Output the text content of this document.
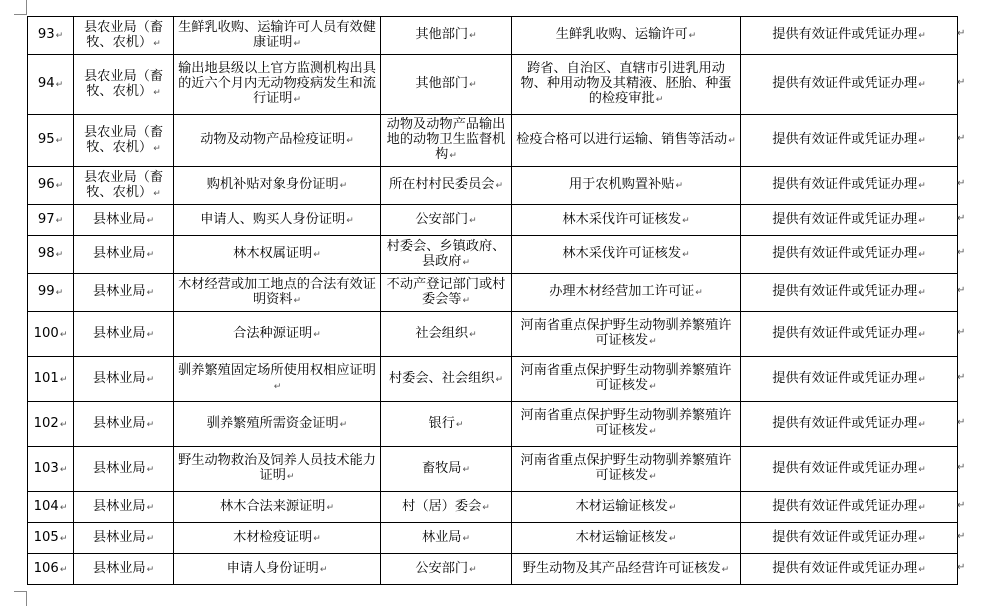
93↵	县农业局（畜牧、农机）↵	生鲜乳收购、运输许可人员有效健康证明↵	其他部门↵	生鲜乳收购、运输许可↵	提供有效证件或凭证办理↵
94↵	县农业局（畜牧、农机）↵	输出地县级以上官方监测机构出具的近六个月内无动物疫病发生和流行证明↵	其他部门↵	跨省、自治区、直辖市引进乳用动物、种用动物及其精液、胚胎、种蛋的检疫审批↵	提供有效证件或凭证办理↵
95↵	县农业局（畜牧、农机）↵	动物及动物产品检疫证明↵	动物及动物产品输出地的动物卫生监督机构↵	检疫合格可以进行运输、销售等活动↵	提供有效证件或凭证办理↵
96↵	县农业局（畜牧、农机）↵	购机补贴对象身份证明↵	所在村村民委员会↵	用于农机购置补贴↵	提供有效证件或凭证办理↵
97↵	县林业局↵	申请人、购买人身份证明↵	公安部门↵	林木采伐许可证核发↵	提供有效证件或凭证办理↵
98↵	县林业局↵	林木权属证明↵	村委会、乡镇政府、县政府↵	林木采伐许可证核发↵	提供有效证件或凭证办理↵
99↵	县林业局↵	木材经营或加工地点的合法有效证明资料↵	不动产登记部门或村委会等↵	办理木材经营加工许可证↵	提供有效证件或凭证办理↵
100↵	县林业局↵	合法种源证明↵	社会组织↵	河南省重点保护野生动物驯养繁殖许可证核发↵	提供有效证件或凭证办理↵
101↵	县林业局↵	驯养繁殖固定场所使用权相应证明↵	村委会、社会组织↵	河南省重点保护野生动物驯养繁殖许可证核发↵	提供有效证件或凭证办理↵
102↵	县林业局↵	驯养繁殖所需资金证明↵	银行↵	河南省重点保护野生动物驯养繁殖许可证核发↵	提供有效证件或凭证办理↵
103↵	县林业局↵	野生动物救治及饲养人员技术能力证明↵	畜牧局↵	河南省重点保护野生动物驯养繁殖许可证核发↵	提供有效证件或凭证办理↵
104↵	县林业局↵	林木合法来源证明↵	村（居）委会↵	木材运输证核发↵	提供有效证件或凭证办理↵
105↵	县林业局↵	木材检疫证明↵	林业局↵	木材运输证核发↵	提供有效证件或凭证办理↵
106↵	县林业局↵	申请人身份证明↵	公安部门↵	野生动物及其产品经营许可证核发↵	提供有效证件或凭证办理↵
↵
↵
↵
↵
↵
↵
↵
↵
↵
↵
↵
↵
↵
↵
